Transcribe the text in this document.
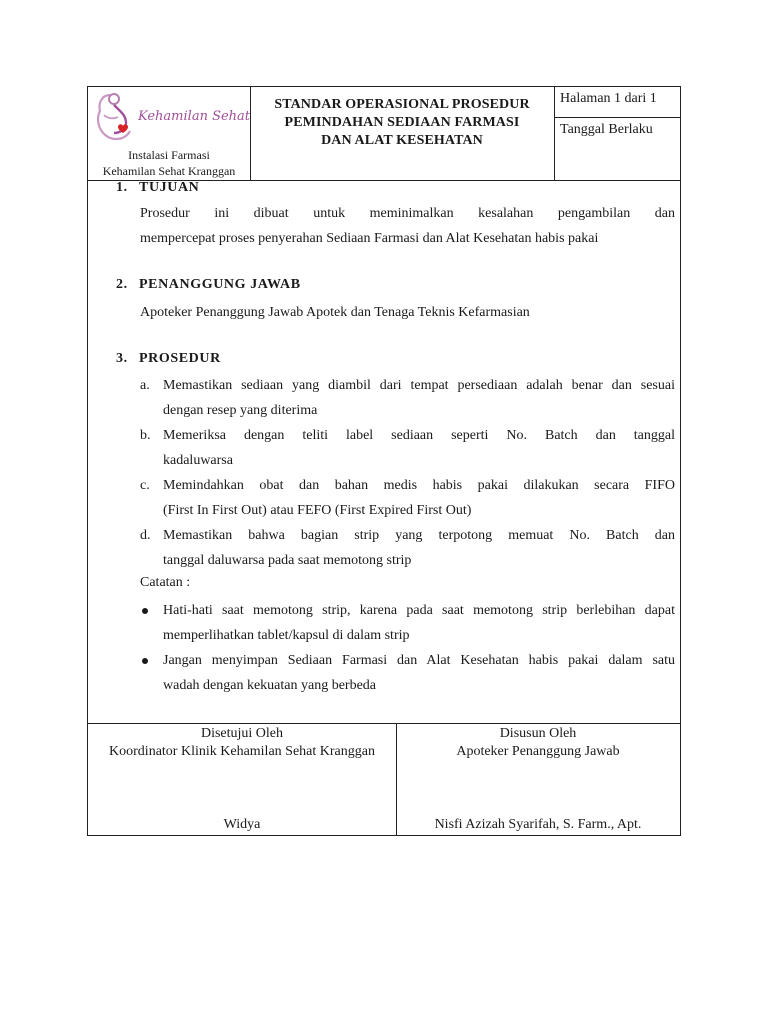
Kehamilan Sehat
Instalasi Farmasi
Kehamilan Sehat Kranggan
STANDAR OPERASIONAL PROSEDUR
PEMINDAHAN SEDIAAN FARMASI
DAN ALAT KESEHATAN
Halaman 1 dari 1
Tanggal Berlaku
1. TUJUAN
Prosedur ini dibuat untuk meminimalkan kesalahan pengambilan dan
mempercepat proses penyerahan Sediaan Farmasi dan Alat Kesehatan habis pakai
2. PENANGGUNG JAWAB
Apoteker Penanggung Jawab Apotek dan Tenaga Teknis Kefarmasian
3. PROSEDUR
a. Memastikan sediaan yang diambil dari tempat persediaan adalah benar dan sesuai
dengan resep yang diterima
b. Memeriksa dengan teliti label sediaan seperti No. Batch dan tanggal
kadaluwarsa
c. Memindahkan obat dan bahan medis habis pakai dilakukan secara FIFO
(First In First Out) atau FEFO (First Expired First Out)
d. Memastikan bahwa bagian strip yang terpotong memuat No. Batch dan
tanggal daluwarsa pada saat memotong strip
Catatan :
Hati-hati saat memotong strip, karena pada saat memotong strip berlebihan dapat
memperlihatkan tablet/kapsul di dalam strip
Jangan menyimpan Sediaan Farmasi dan Alat Kesehatan habis pakai dalam satu
wadah dengan kekuatan yang berbeda
Disetujui Oleh
Koordinator Klinik Kehamilan Sehat Kranggan
Widya
Disusun Oleh
Apoteker Penanggung Jawab
Nisfi Azizah Syarifah, S. Farm., Apt.
